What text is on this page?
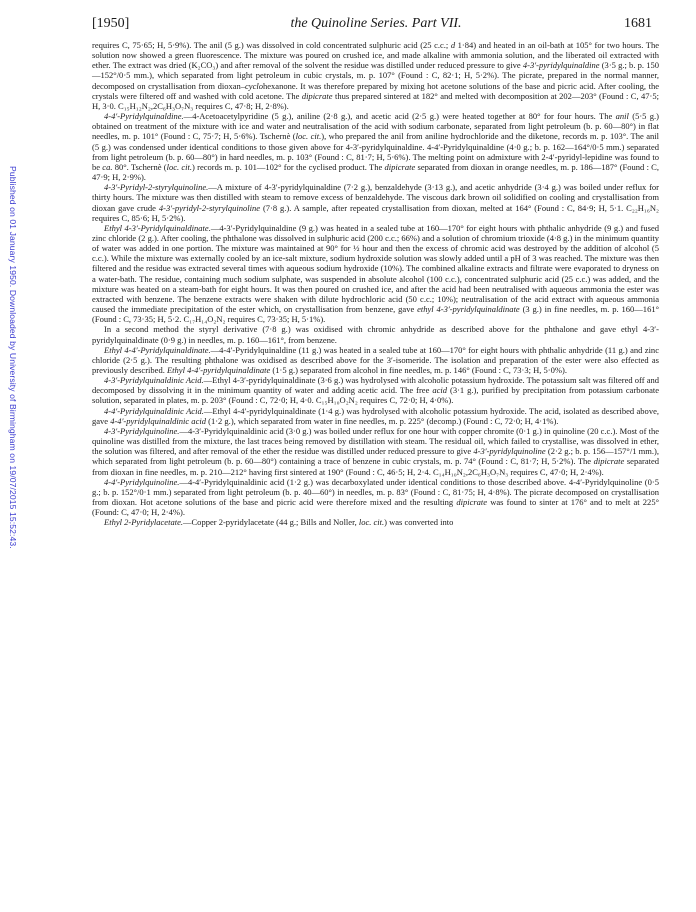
Published on 01 January 1950. Downloaded by University of Birmingham on 19/07/2015 15:52:43.
[1950]	the Quinoline Series. Part VII.	1681

requires C, 75·65; H, 5·9%). The anil (5 g.) was dissolved in cold concentrated sulphuric acid (25 c.c.; d 1·84) and heated in an oil-bath at 105° for two hours. The solution now showed a green fluorescence. The mixture was poured on crushed ice, and made alkaline with ammonia solution, and the liberated oil extracted with ether. The extract was dried (K₂CO₃) and after removal of the solvent the residue was distilled under reduced pressure to give 4-3′-pyridylquinaldine (3·5 g.; b. p. 150—152°/0·5 mm.), which separated from light petroleum in cubic crystals, m. p. 107° (Found : C, 82·1; H, 5·2%). The picrate, prepared in the normal manner, decomposed on crystallisation from dioxan–cyclohexanone. It was therefore prepared by mixing hot acetone solutions of the base and picric acid. After cooling, the crystals were filtered off and washed with cold acetone. The dipicrate thus prepared sintered at 182° and melted with decomposition at 202—203° (Found : C, 47·5; H, 3·0. C₁₅H₁₂N₂,2C₆H₃O₇N₃ requires C, 47·8; H, 2·8%).

4-4′-Pyridylquinaldine.—4-Acetoacetylpyridine (5 g.), aniline (2·8 g.), and acetic acid (2·5 g.) were heated together at 80° for four hours. The anil (5·5 g.) obtained on treatment of the mixture with ice and water and neutralisation of the acid with sodium carbonate, separated from light petroleum (b. p. 60—80°) in flat needles, m. p. 101° (Found : C, 75·7; H, 5·6%). Tschernè (loc. cit.), who prepared the anil from aniline hydrochloride and the diketone, records m. p. 103°. The anil (5 g.) was condensed under identical conditions to those given above for 4-3′-pyridylquinaldine. 4-4′-Pyridylquinaldine (4·0 g.; b. p. 162—164°/0·5 mm.) separated from light petroleum (b. p. 60—80°) in hard needles, m. p. 103° (Found : C, 81·7; H, 5·6%). The melting point on admixture with 2-4′-pyridyl-lepidine was found to be ca. 80°. Tschernè (loc. cit.) records m. p. 101—102° for the cyclised product. The dipicrate separated from dioxan in orange needles, m. p. 186—187° (Found : C, 47·9; H, 2·9%).

4-3′-Pyridyl-2-styrylquinoline.—A mixture of 4-3′-pyridylquinaldine (7·2 g.), benzaldehyde (3·13 g.), and acetic anhydride (3·4 g.) was boiled under reflux for thirty hours. The mixture was then distilled with steam to remove excess of benzaldehyde. The viscous dark brown oil solidified on cooling and crystallisation from dioxan gave crude 4-3′-pyridyl-2-styrylquinoline (7·8 g.). A sample, after repeated crystallisation from dioxan, melted at 164° (Found : C, 84·9; H, 5·1. C₂₂H₁₆N₂ requires C, 85·6; H, 5·2%).

Ethyl 4-3′-Pyridylquinaldinate.—4-3′-Pyridylquinaldine (9 g.) was heated in a sealed tube at 160—170° for eight hours with phthalic anhydride (9 g.) and fused zinc chloride (2 g.). After cooling, the phthalone was dissolved in sulphuric acid (200 c.c.; 66%) and a solution of chromium trioxide (4·8 g.) in the minimum quantity of water was added in one portion. The mixture was maintained at 90° for ½ hour and then the excess of chromic acid was destroyed by the addition of alcohol (5 c.c.). While the mixture was externally cooled by an ice-salt mixture, sodium hydroxide solution was slowly added until a pH of 3 was reached. The mixture was then filtered and the residue was extracted several times with aqueous sodium hydroxide (10%). The combined alkaline extracts and filtrate were evaporated to dryness on a water-bath. The residue, containing much sodium sulphate, was suspended in absolute alcohol (100 c.c.), concentrated sulphuric acid (25 c.c.) was added, and the mixture was heated on a steam-bath for eight hours. It was then poured on crushed ice, and after the acid had been neutralised with aqueous ammonia the ester was extracted with benzene. The benzene extracts were shaken with dilute hydrochloric acid (50 c.c.; 10%); neutralisation of the acid extract with aqueous ammonia caused the immediate precipitation of the ester which, on crystallisation from benzene, gave ethyl 4-3′-pyridylquinaldinate (3 g.) in fine needles, m. p. 160—161° (Found : C, 73·35; H, 5·2. C₁₇H₁₄O₂N₂ requires C, 73·35; H, 5·1%).

In a second method the styryl derivative (7·8 g.) was oxidised with chromic anhydride as described above for the phthalone and gave ethyl 4-3′-pyridylquinaldinate (0·9 g.) in needles, m. p. 160—161°, from benzene.

Ethyl 4-4′-Pyridylquinaldinate.—4-4′-Pyridylquinaldine (11 g.) was heated in a sealed tube at 160—170° for eight hours with phthalic anhydride (11 g.) and zinc chloride (2·5 g.). The resulting phthalone was oxidised as described above for the 3′-isomeride. The isolation and preparation of the ester were also effected as previously described. Ethyl 4-4′-pyridylquinaldinate (1·5 g.) separated from alcohol in fine needles, m. p. 146° (Found : C, 73·3; H, 5·0%).

4-3′-Pyridylquinaldinic Acid.—Ethyl 4-3′-pyridylquinaldinate (3·6 g.) was hydrolysed with alcoholic potassium hydroxide. The potassium salt was filtered off and decomposed by dissolving it in the minimum quantity of water and adding acetic acid. The free acid (3·1 g.), purified by precipitation from potassium carbonate solution, separated in plates, m. p. 203° (Found : C, 72·0; H, 4·0. C₁₅H₁₀O₂N₂ requires C, 72·0; H, 4·0%).

4-4′-Pyridylquinaldinic Acid.—Ethyl 4-4′-pyridylquinaldinate (1·4 g.) was hydrolysed with alcoholic potassium hydroxide. The acid, isolated as described above, gave 4-4′-pyridylquinaldinic acid (1·2 g.), which separated from water in fine needles, m. p. 225° (decomp.) (Found : C, 72·0; H, 4·1%).

4-3′-Pyridylquinoline.—4-3′-Pyridylquinaldinic acid (3·0 g.) was boiled under reflux for one hour with copper chromite (0·1 g.) in quinoline (20 c.c.). Most of the quinoline was distilled from the mixture, the last traces being removed by distillation with steam. The residual oil, which failed to crystallise, was dissolved in ether, the solution was filtered, and after removal of the ether the residue was distilled under reduced pressure to give 4-3′-pyridylquinoline (2·2 g.; b. p. 156—157°/1 mm.), which separated from light petroleum (b. p. 60—80°) containing a trace of benzene in cubic crystals, m. p. 74° (Found : C, 81·7; H, 5·2%). The dipicrate separated from dioxan in fine needles, m. p. 210—212° having first sintered at 190° (Found : C, 46·5; H, 2·4. C₁₄H₁₀N₂,2C₆H₃O₇N₃ requires C, 47·0; H, 2·4%).

4-4′-Pyridylquinoline.—4-4′-Pyridylquinaldinic acid (1·2 g.) was decarboxylated under identical conditions to those described above. 4-4′-Pyridylquinoline (0·5 g.; b. p. 152°/0·1 mm.) separated from light petroleum (b. p. 40—60°) in needles, m. p. 83° (Found : C, 81·75; H, 4·8%). The picrate decomposed on crystallisation from dioxan. Hot acetone solutions of the base and picric acid were therefore mixed and the resulting dipicrate was found to sinter at 176° and to melt at 225° (Found: C, 47·0; H, 2·4%).

Ethyl 2-Pyridylacetate.—Copper 2-pyridylacetate (44 g.; Bills and Noller, loc. cit.) was converted into
